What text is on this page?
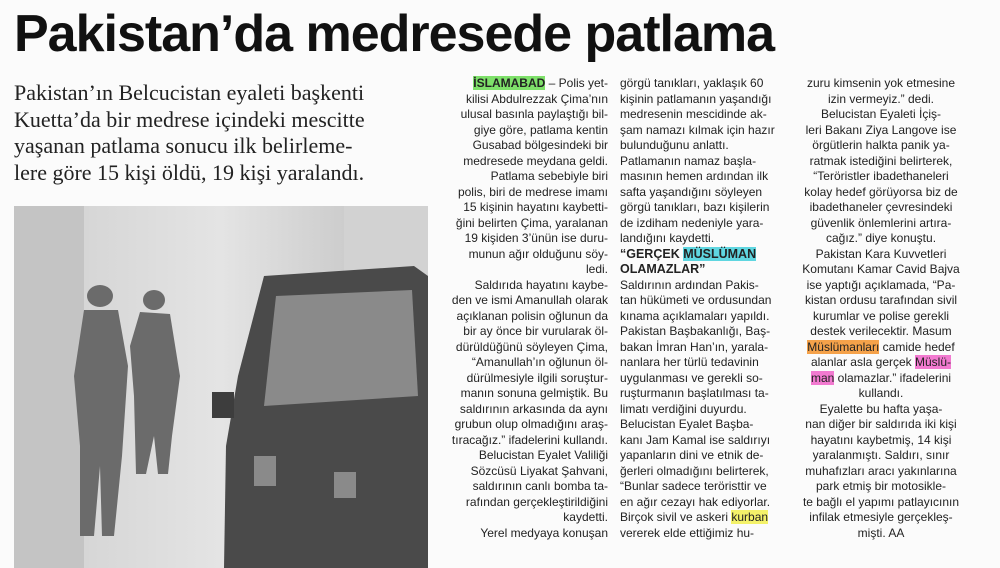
Pakistan’da medresede patlama
Pakistan’ın Belcucistan eyaleti başkenti
Kuetta’da bir medrese içindeki mescitte
yaşanan patlama sonucu ilk belirleme-
lere göre 15 kişi öldü, 19 kişi yaralandı.
İSLAMABAD – Polis yet-
kilisi Abdulrezzak Çima’nın
ulusal basınla paylaştığı bil-
giye göre, patlama kentin
Gusabad bölgesindeki bir
medresede meydana geldi.
Patlama sebebiyle biri
polis, biri de medrese imamı
15 kişinin hayatını kaybetti-
ğini belirten Çima, yaralanan
19 kişiden 3’ünün ise duru-
munun ağır olduğunu söy-
ledi.
Saldırıda hayatını kaybe-
den ve ismi Amanullah olarak
açıklanan polisin oğlunun da
bir ay önce bir vurularak öl-
dürüldüğünü söyleyen Çima,
“Amanullah’ın oğlunun öl-
dürülmesiyle ilgili soruştur-
manın sonuna gelmiştik. Bu
saldırının arkasında da aynı
grubun olup olmadığını araş-
tıracağız.” ifadelerini kullandı.
Belucistan Eyalet Valiliği
Sözcüsü Liyakat Şahvani,
saldırının canlı bomba ta-
rafından gerçekleştirildiğini
kaydetti.
Yerel medyaya konuşan
görgü tanıkları, yaklaşık 60
kişinin patlamanın yaşandığı
medresenin mescidinde ak-
şam namazı kılmak için hazır
bulunduğunu anlattı.
Patlamanın namaz başla-
masının hemen ardından ilk
safta yaşandığını söyleyen
görgü tanıkları, bazı kişilerin
de izdiham nedeniyle yara-
landığını kaydetti.
“GERÇEK MÜSLÜMAN
OLAMAZLAR”
Saldırının ardından Pakis-
tan hükümeti ve ordusundan
kınama açıklamaları yapıldı.
Pakistan Başbakanlığı, Baş-
bakan İmran Han’ın, yarala-
nanlara her türlü tedavinin
uygulanması ve gerekli so-
ruşturmanın başlatılması ta-
limatı verdiğini duyurdu.
Belucistan Eyalet Başba-
kanı Jam Kamal ise saldırıyı
yapanların dini ve etnik de-
ğerleri olmadığını belirterek,
“Bunlar sadece teröristtir ve
en ağır cezayı hak ediyorlar.
Birçok sivil ve askeri kurban
vererek elde ettiğimiz hu-
zuru kimsenin yok etmesine
izin vermeyiz.” dedi.
Belucistan Eyaleti İçiş-
leri Bakanı Ziya Langove ise
örgütlerin halkta panik ya-
ratmak istediğini belirterek,
“Teröristler ibadethaneleri
kolay hedef görüyorsa biz de
ibadethaneler çevresindeki
güvenlik önlemlerini artıra-
cağız.” diye konuştu.
Pakistan Kara Kuvvetleri
Komutanı Kamar Cavid Bajva
ise yaptığı açıklamada, “Pa-
kistan ordusu tarafından sivil
kurumlar ve polise gerekli
destek verilecektir. Masum
Müslümanları camide hedef
alanlar asla gerçek Müslü-
man olamazlar.” ifadelerini
kullandı.
Eyalette bu hafta yaşa-
nan diğer bir saldırıda iki kişi
hayatını kaybetmiş, 14 kişi
yaralanmıştı. Saldırı, sınır
muhafızları aracı yakınlarına
park etmiş bir motosikle-
te bağlı el yapımı patlayıcının
infilak etmesiyle gerçekleş-
mişti. AA
